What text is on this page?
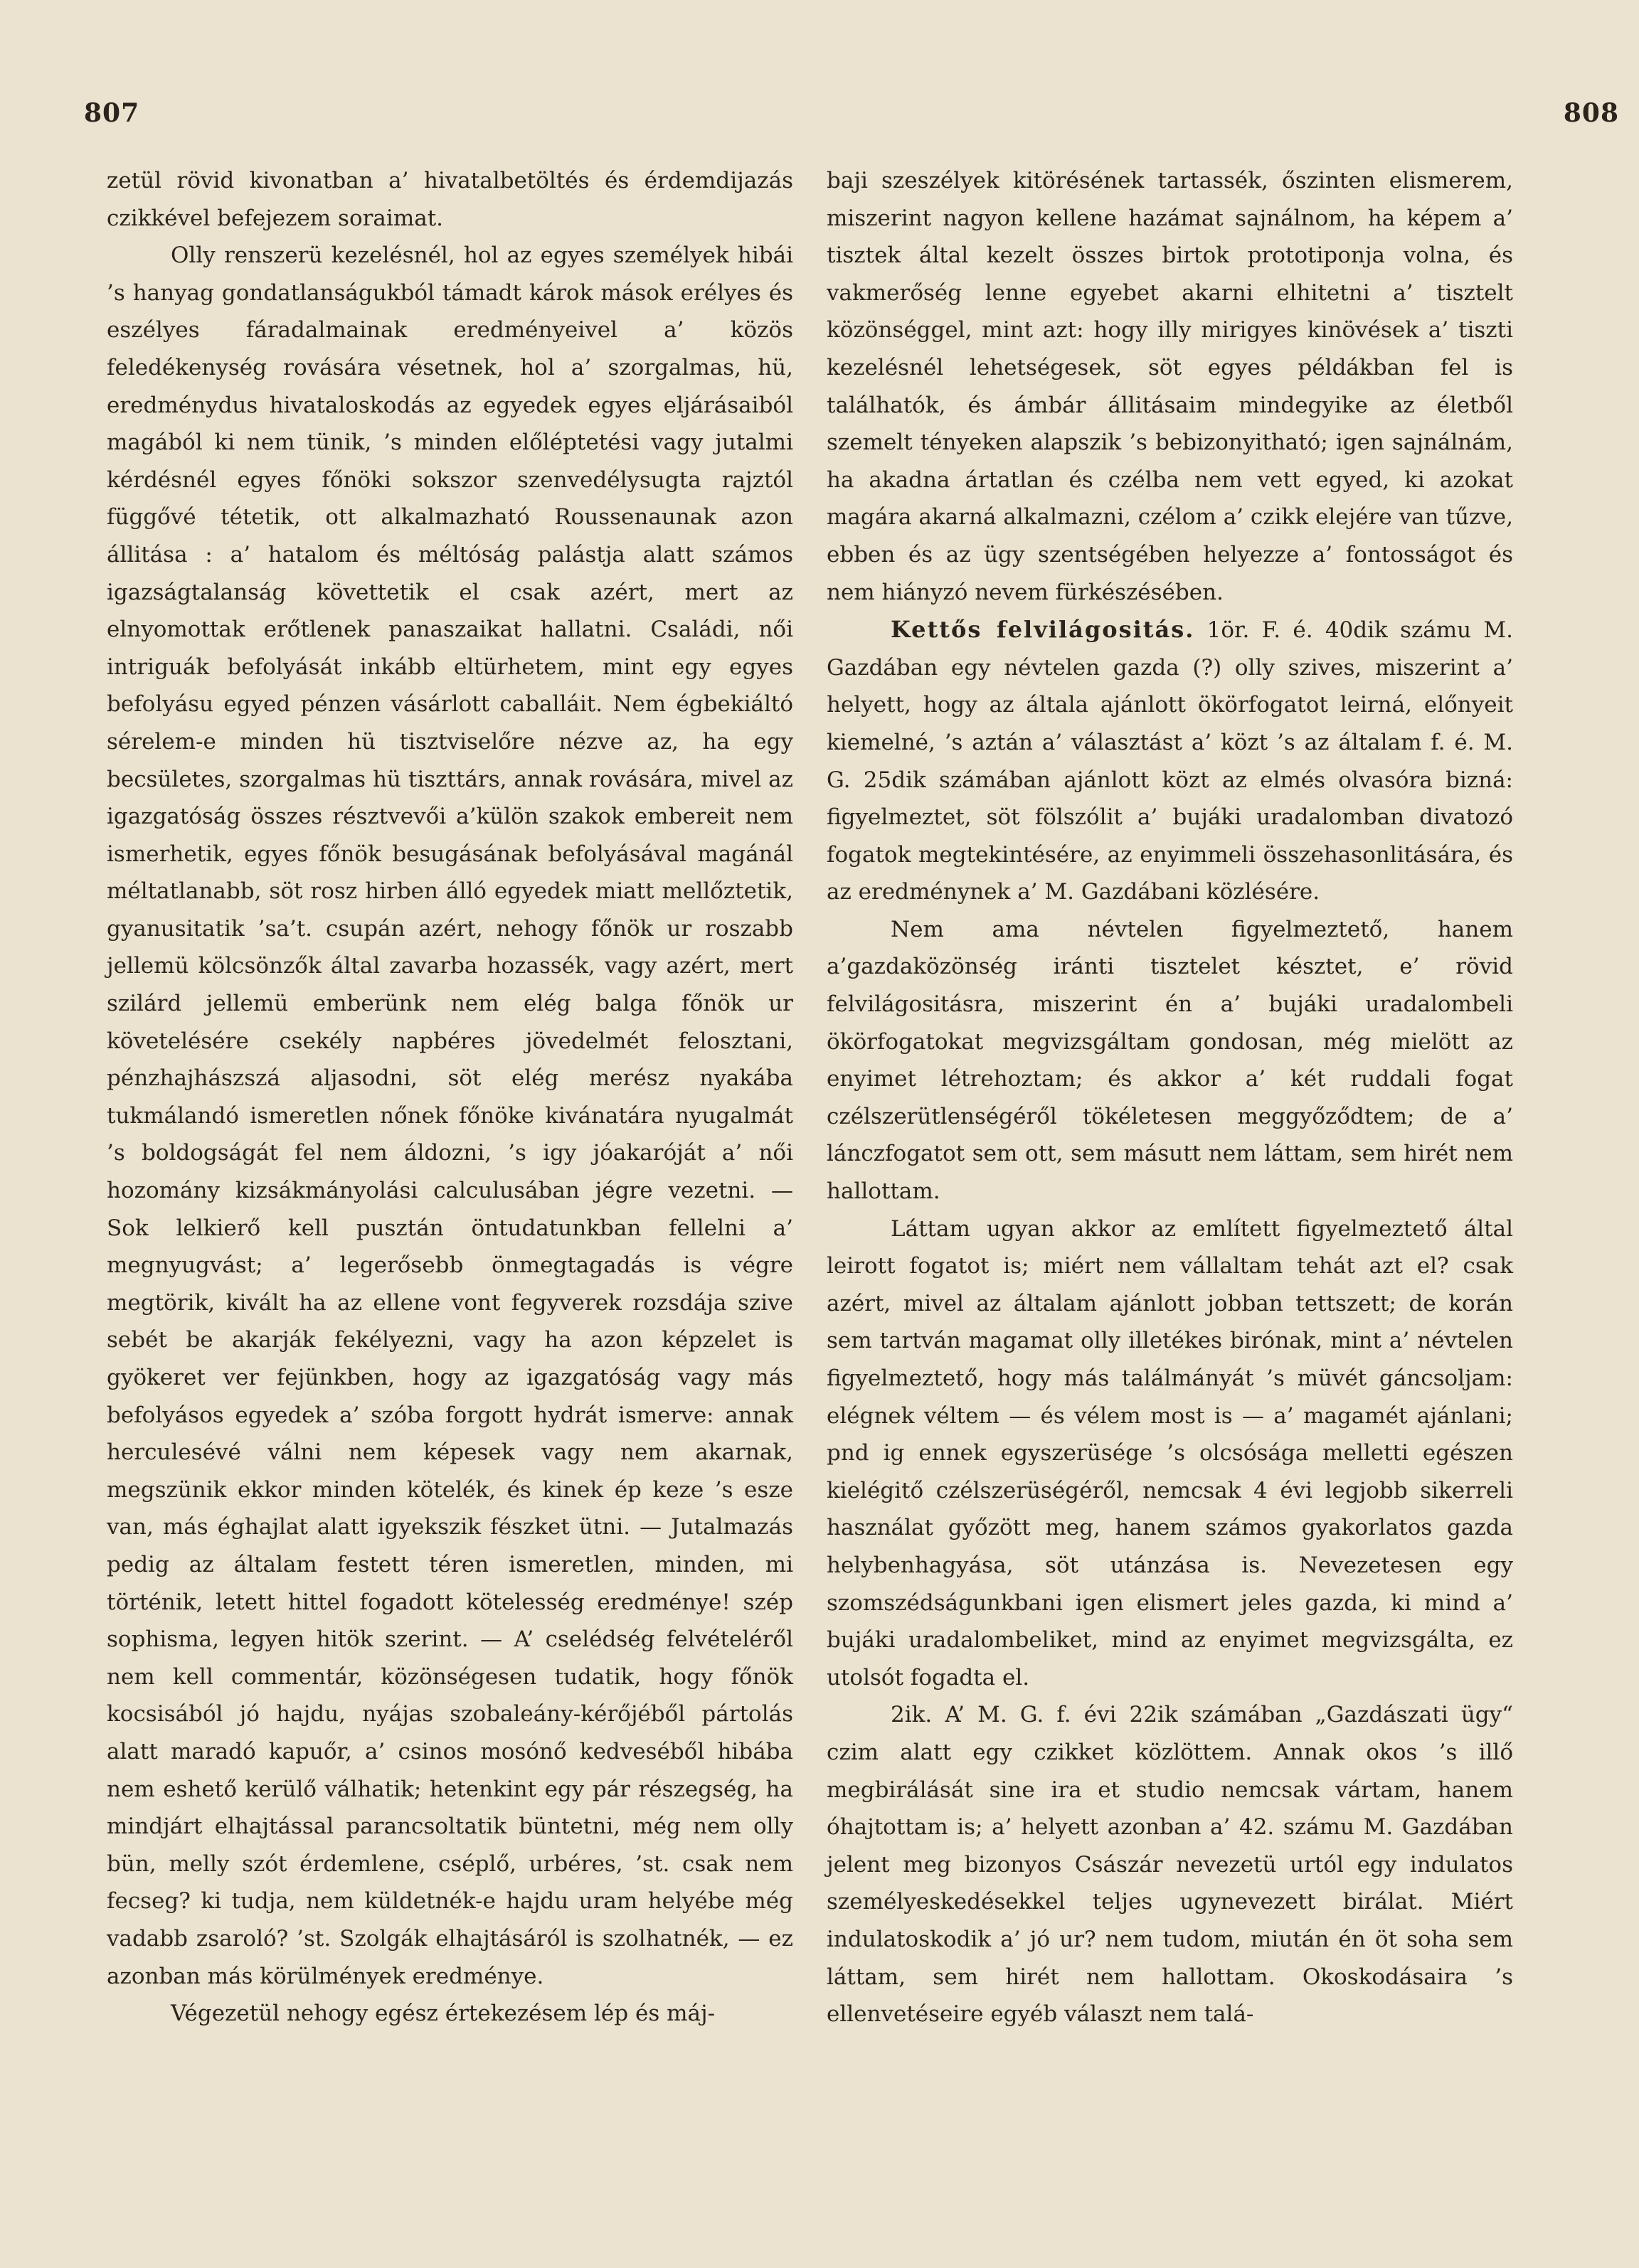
807	808

zetül rövid kivonatban a’ hivatalbetöltés és érdemdijazás czikkével befejezem soraimat.

Olly renszerü kezelésnél, hol az egyes személyek hibái ’s hanyag gondatlanságukból támadt károk mások erélyes és eszélyes fáradalmainak eredményeivel a’ közös feledékenység rovására vésetnek, hol a’ szorgalmas, hü, eredménydus hivataloskodás az egyedek egyes eljárásaiból magából ki nem tünik, ’s minden előléptetési vagy jutalmi kérdésnél egyes főnöki sokszor szenvedélysugta rajztól függővé tétetik, ott alkalmazható Roussenaunak azon állitása : a’ hatalom és méltóság palástja alatt számos igazságtalanság követtetik el csak azért, mert az elnyomottak erőtlenek panaszaikat hallatni. Családi, női intriguák befolyását inkább eltürhetem, mint egy egyes befolyásu egyed pénzen vásárlott caballáit. Nem égbekiáltó sérelem-e minden hü tisztviselőre nézve az, ha egy becsületes, szorgalmas hü tiszttárs, annak rovására, mivel az igazgatóság összes résztvevői a’külön szakok embereit nem ismerhetik, egyes főnök besugásának befolyásával magánál méltatlanabb, söt rosz hirben álló egyedek miatt mellőztetik, gyanusitatik ’sa’t. csupán azért, nehogy főnök ur roszabb jellemü kölcsönzők által zavarba hozassék, vagy azért, mert szilárd jellemü emberünk nem elég balga főnök ur követelésére csekély napbéres jövedelmét felosztani, pénzhajhászszá aljasodni, söt elég merész nyakába tukmálandó ismeretlen nőnek főnöke kivánatára nyugalmát ’s boldogságát fel nem áldozni, ’s igy jóakaróját a’ női hozomány kizsákmányolási calculusában jégre vezetni. — Sok lelkierő kell pusztán öntudatunkban fellelni a’ megnyugvást; a’ legerősebb önmegtagadás is végre megtörik, kivált ha az ellene vont fegyverek rozsdája szive sebét be akarják fekélyezni, vagy ha azon képzelet is gyökeret ver fejünkben, hogy az igazgatóság vagy más befolyásos egyedek a’ szóba forgott hydrát ismerve: annak herculesévé válni nem képesek vagy nem akarnak, megszünik ekkor minden kötelék, és kinek ép keze ’s esze van, más éghajlat alatt igyekszik fészket ütni. — Jutalmazás pedig az általam festett téren ismeretlen, minden, mi történik, letett hittel fogadott kötelesség eredménye! szép sophisma, legyen hitök szerint. — A’ cselédség felvételéről nem kell commentár, közönségesen tudatik, hogy főnök kocsisából jó hajdu, nyájas szobaleány-kérőjéből pártolás alatt maradó kapuőr, a’ csinos mosónő kedveséből hibába nem eshető kerülő válhatik; hetenkint egy pár részegség, ha mindjárt elhajtással parancsoltatik büntetni, még nem olly bün, melly szót érdemlene, cséplő, urbéres, ’st. csak nem fecseg? ki tudja, nem küldetnék-e hajdu uram helyébe még vadabb zsaroló? ’st. Szolgák elhajtásáról is szolhatnék, — ez azonban más körülmények eredménye.

Végezetül nehogy egész értekezésem lép és máj-

baji szeszélyek kitörésének tartassék, őszinten elismerem, miszerint nagyon kellene hazámat sajnálnom, ha képem a’ tisztek által kezelt összes birtok prototiponja volna, és vakmerőség lenne egyebet akarni elhitetni a’ tisztelt közönséggel, mint azt: hogy illy mirigyes kinövések a’ tiszti kezelésnél lehetségesek, söt egyes példákban fel is találhatók, és ámbár állitásaim mindegyike az életből szemelt tényeken alapszik ’s bebizonyitható; igen sajnálnám, ha akadna ártatlan és czélba nem vett egyed, ki azokat magára akarná alkalmazni, czélom a’ czikk elejére van tűzve, ebben és az ügy szentségében helyezze a’ fontosságot és nem hiányzó nevem fürkészésében.

Kettős felvilágositás. 1ör. F. é. 40dik számu M. Gazdában egy névtelen gazda (?) olly szives, miszerint a’ helyett, hogy az általa ajánlott ökörfogatot leirná, előnyeit kiemelné, ’s aztán a’ választást a’ közt ’s az általam f. é. M. G. 25dik számában ajánlott közt az elmés olvasóra bizná: figyelmeztet, söt fölszólit a’ bujáki uradalomban divatozó fogatok megtekintésére, az enyimmeli összehasonlitására, és az eredménynek a’ M. Gazdábani közlésére.

Nem ama névtelen figyelmeztető, hanem a’gazdaközönség iránti tisztelet késztet, e’ rövid felvilágositásra, miszerint én a’ bujáki uradalombeli ökörfogatokat megvizsgáltam gondosan, még mielött az enyimet létrehoztam; és akkor a’ két ruddali fogat czélszerütlenségéről tökéletesen meggyőződtem; de a’ lánczfogatot sem ott, sem másutt nem láttam, sem hirét nem hallottam.

Láttam ugyan akkor az említett figyelmeztető által leirott fogatot is; miért nem vállaltam tehát azt el? csak azért, mivel az általam ajánlott jobban tettszett; de korán sem tartván magamat olly illetékes birónak, mint a’ névtelen figyelmeztető, hogy más találmányát ’s müvét gáncsoljam: elégnek véltem — és vélem most is — a’ magamét ajánlani; pnd ig ennek egyszerüsége ’s olcsósága melletti egészen kielégitő czélszerüségéről, nemcsak 4 évi legjobb sikerreli használat győzött meg, hanem számos gyakorlatos gazda helybenhagyása, söt utánzása is. Nevezetesen egy szomszédságunkbani igen elismert jeles gazda, ki mind a’ bujáki uradalombeliket, mind az enyimet megvizsgálta, ez utolsót fogadta el.

2ik. A’ M. G. f. évi 22ik számában „Gazdászati ügy“ czim alatt egy czikket közlöttem. Annak okos ’s illő megbirálását sine ira et studio nemcsak vártam, hanem óhajtottam is; a’ helyett azonban a’ 42. számu M. Gazdában jelent meg bizonyos Császár nevezetü urtól egy indulatos személyeskedésekkel teljes ugynevezett birálat. Miért indulatoskodik a’ jó ur? nem tudom, miután én öt soha sem láttam, sem hirét nem hallottam. Okoskodásaira ’s ellenvetéseire egyéb választ nem talá-
